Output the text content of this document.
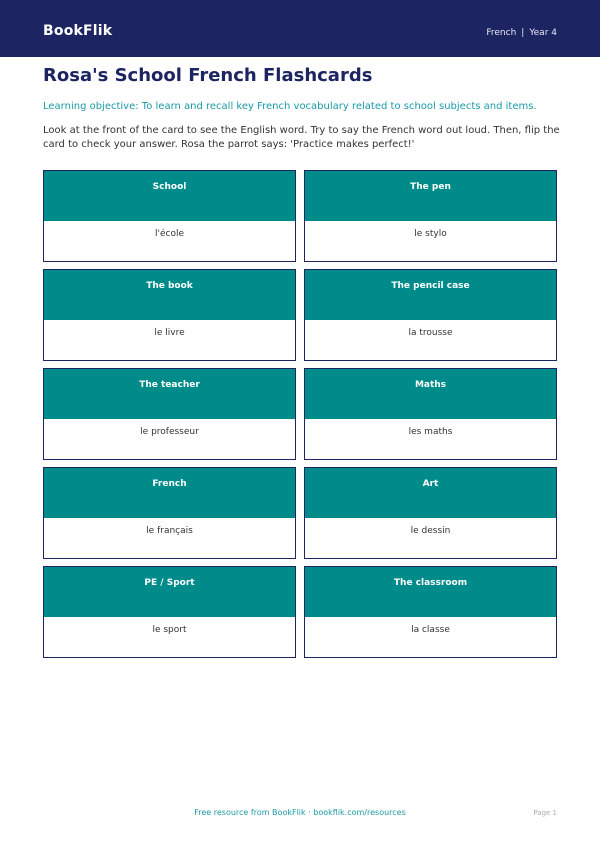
BookFlik	French | Year 4
Rosa's School French Flashcards

Learning objective: To learn and recall key French vocabulary related to school subjects and items.

Look at the front of the card to see the English word. Try to say the French word out loud. Then, flip the card to check your answer. Rosa the parrot says: 'Practice makes perfect!'

School
l'école
The pen
le stylo
The book
le livre
The pencil case
la trousse
The teacher
le professeur
Maths
les maths
French
le français
Art
le dessin
PE / Sport
le sport
The classroom
la classe
Free resource from BookFlik · bookflik.com/resources	Page 1
